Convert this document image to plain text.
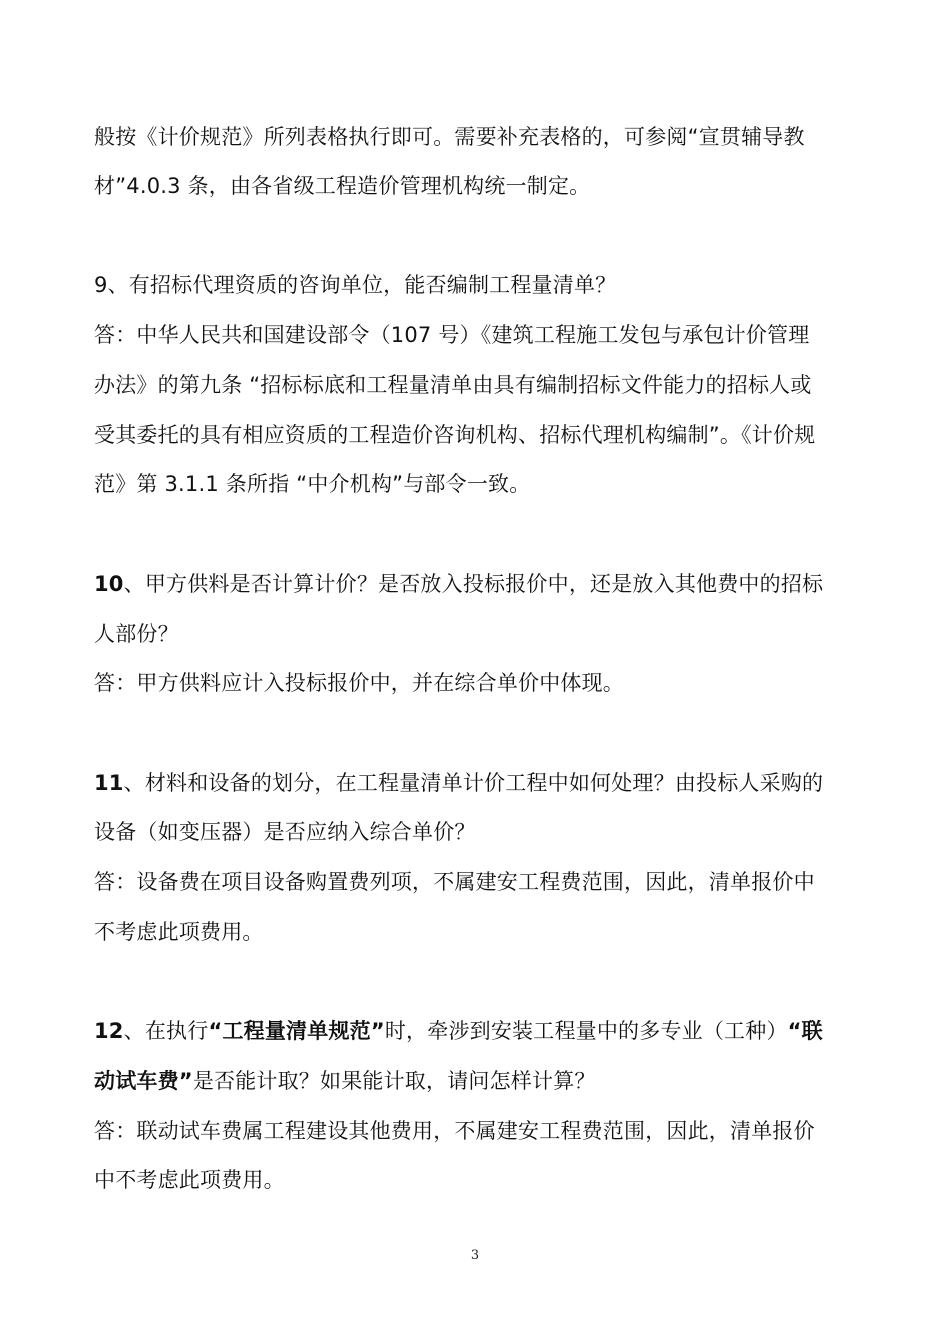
般按《计价规范》所列表格执行即可。需要补充表格的，可参阅“宣贯辅导教
材”4.0.3 条，由各省级工程造价管理机构统一制定。
9、有招标代理资质的咨询单位，能否编制工程量清单？
答：中华人民共和国建设部令（107 号）《建筑工程施工发包与承包计价管理
办法》的第九条 “招标标底和工程量清单由具有编制招标文件能力的招标人或
受其委托的具有相应资质的工程造价咨询机构、招标代理机构编制”。《计价规
范》第 3.1.1 条所指 “中介机构”与部令一致。
10、甲方供料是否计算计价？是否放入投标报价中，还是放入其他费中的招标
人部份？
答：甲方供料应计入投标报价中，并在综合单价中体现。
11、材料和设备的划分，在工程量清单计价工程中如何处理？由投标人采购的
设备（如变压器）是否应纳入综合单价？
答：设备费在项目设备购置费列项，不属建安工程费范围，因此，清单报价中
不考虑此项费用。
12、在执行“工程量清单规范”时，牵涉到安装工程量中的多专业（工种）“联
动试车费”是否能计取？如果能计取，请问怎样计算？
答：联动试车费属工程建设其他费用，不属建安工程费范围，因此，清单报价
中不考虑此项费用。
3
